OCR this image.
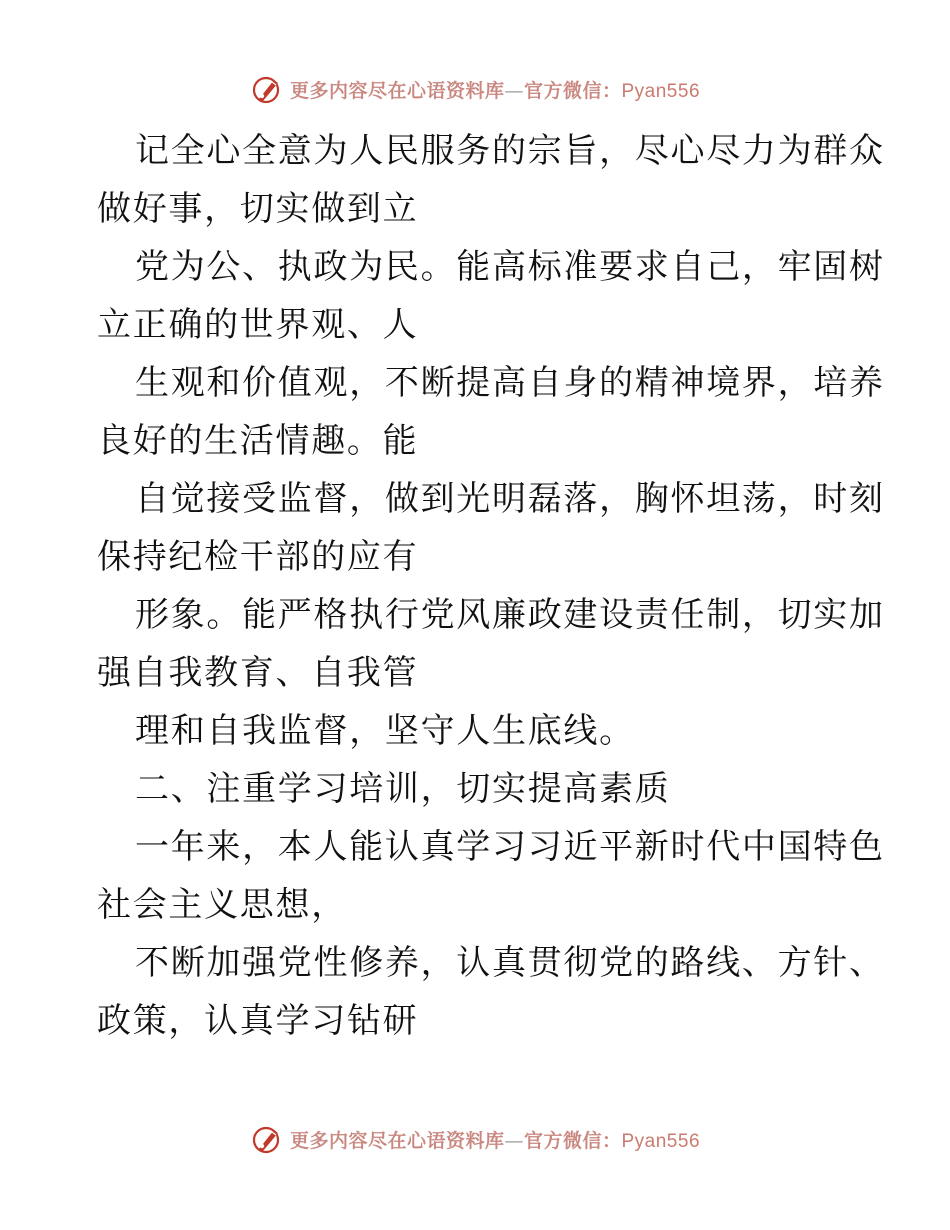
更多内容尽在心语资料库—官方微信：Pyan556
记全心全意为人民服务的宗旨，尽心尽力为群众
做好事，切实做到立
党为公、执政为民。能高标准要求自己，牢固树
立正确的世界观、人
生观和价值观，不断提高自身的精神境界，培养
良好的生活情趣。能
自觉接受监督，做到光明磊落，胸怀坦荡，时刻
保持纪检干部的应有
形象。能严格执行党风廉政建设责任制，切实加
强自我教育、自我管
理和自我监督，坚守人生底线。
二、注重学习培训，切实提高素质
一年来，本人能认真学习习近平新时代中国特色
社会主义思想，
不断加强党性修养，认真贯彻党的路线、方针、
政策，认真学习钻研
更多内容尽在心语资料库—官方微信：Pyan556
